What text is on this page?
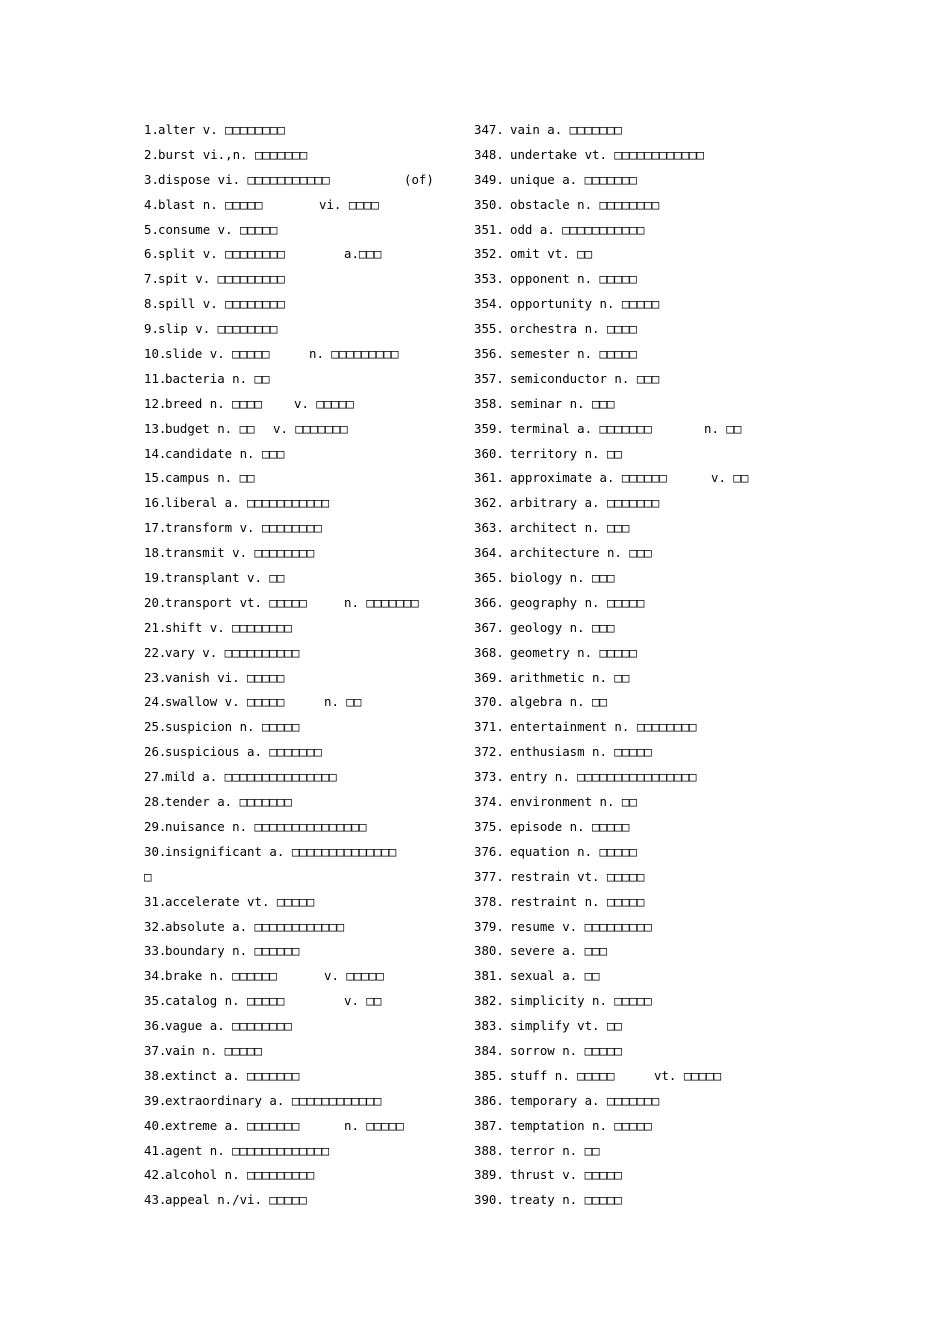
1. alter v. □□□□□□□□
2. burst vi.,n. □□□□□□□
3. dispose vi. □□□□□□□□□□□	(of)
4. blast n. □□□□□	vi. □□□□
5. consume v. □□□□□
6. split v. □□□□□□□□	a.□□□
7. spit v. □□□□□□□□□
8. spill v. □□□□□□□□
9. slip v. □□□□□□□□
10.
slide v. □□□□□	n. □□□□□□□□□
11.
bacteria n. □□
12.
breed n. □□□□	v. □□□□□
13.
budget n. □□ v. □□□□□□□
14.
candidate n. □□□
15.
campus n. □□
16.
liberal a. □□□□□□□□□□□
17.
transform v. □□□□□□□□
18.
transmit v. □□□□□□□□
19.
transplant v. □□
20.
transport vt. □□□□□	n. □□□□□□□
21.
shift v. □□□□□□□□
22.
vary v. □□□□□□□□□□
23.
vanish vi. □□□□□
24.
swallow v. □□□□□	n. □□
25.
suspicion n. □□□□□
26.
suspicious a. □□□□□□□
27.
mild a. □□□□□□□□□□□□□□□
28.
tender a. □□□□□□□
29.
nuisance n. □□□□□□□□□□□□□□□
30.
insignificant a. □□□□□□□□□□□□□□
□
31.
accelerate vt. □□□□□
32.
absolute a. □□□□□□□□□□□□
33.
boundary n. □□□□□□
34.
brake n. □□□□□□	v. □□□□□
35.
catalog n. □□□□□	v. □□
36.
vague a. □□□□□□□□
37.
vain n. □□□□□
38.
extinct a. □□□□□□□
39.
extraordinary a. □□□□□□□□□□□□
40.
extreme a. □□□□□□□	n. □□□□□
41.
agent n. □□□□□□□□□□□□□
42.
alcohol n. □□□□□□□□□
43.
appeal n./vi. □□□□□
347. vain a. □□□□□□□
348. undertake vt. □□□□□□□□□□□□
349. unique a. □□□□□□□
350. obstacle n. □□□□□□□□
351. odd a. □□□□□□□□□□□
352. omit vt. □□
353. opponent n. □□□□□
354. opportunity n. □□□□□
355. orchestra n. □□□□
356. semester n. □□□□□
357. semiconductor n. □□□
358. seminar n. □□□
359. terminal a. □□□□□□□	n. □□
360. territory n. □□
361. approximate a. □□□□□□	v. □□
362. arbitrary a. □□□□□□□
363. architect n. □□□
364. architecture n. □□□
365. biology n. □□□
366. geography n. □□□□□
367. geology n. □□□
368. geometry n. □□□□□
369. arithmetic n. □□
370. algebra n. □□
371. entertainment n. □□□□□□□□
372. enthusiasm n. □□□□□
373. entry n. □□□□□□□□□□□□□□□□
374. environment n. □□
375. episode n. □□□□□
376. equation n. □□□□□
377. restrain vt. □□□□□
378. restraint n. □□□□□
379. resume v. □□□□□□□□□
380. severe a. □□□
381. sexual a. □□
382. simplicity n. □□□□□
383. simplify vt. □□
384. sorrow n. □□□□□
385. stuff n. □□□□□	vt. □□□□□
386. temporary a. □□□□□□□
387. temptation n. □□□□□
388. terror n. □□
389. thrust v. □□□□□
390. treaty n. □□□□□
